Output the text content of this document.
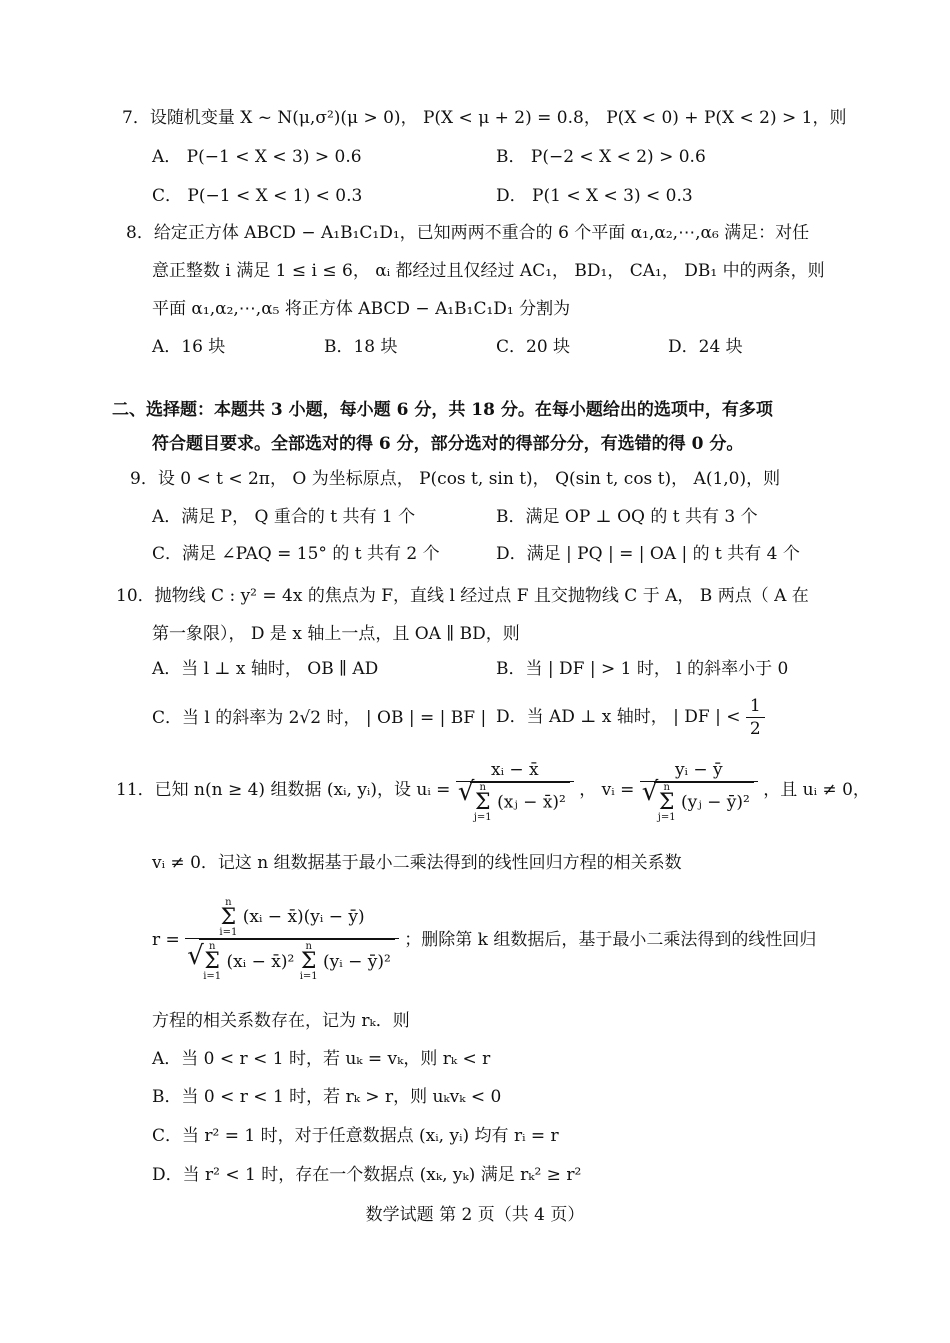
7．设随机变量 X ~ N(μ,σ²)(μ > 0)， P(X < μ + 2) = 0.8， P(X < 0) + P(X < 2) > 1，则
A． P(−1 < X < 3) > 0.6	B． P(−2 < X < 2) > 0.6
C． P(−1 < X < 1) < 0.3	D． P(1 < X < 3) < 0.3
8．给定正方体 ABCD − A₁B₁C₁D₁，已知两两不重合的 6 个平面 α₁,α₂,⋯,α₆ 满足：对任
意正整数 i 满足 1 ≤ i ≤ 6， αᵢ 都经过且仅经过 AC₁， BD₁， CA₁， DB₁ 中的两条，则
平面 α₁,α₂,⋯,α₅ 将正方体 ABCD − A₁B₁C₁D₁ 分割为
A．16 块	B．18 块	C．20 块	D．24 块
二、选择题：本题共 3 小题，每小题 6 分，共 18 分。在每小题给出的选项中，有多项
符合题目要求。全部选对的得 6 分，部分选对的得部分分，有选错的得 0 分。
9．设 0 < t < 2π， O 为坐标原点， P(cos t, sin t)， Q(sin t, cos t)， A(1,0)，则
A．满足 P， Q 重合的 t 共有 1 个	B．满足 OP ⊥ OQ 的 t 共有 3 个
C．满足 ∠PAQ = 15° 的 t 共有 2 个	D．满足 | PQ | = | OA | 的 t 共有 4 个
10．抛物线 C : y² = 4x 的焦点为 F，直线 l 经过点 F 且交抛物线 C 于 A， B 两点（ A 在
第一象限）， D 是 x 轴上一点，且 OA ∥ BD，则
A．当 l ⊥ x 轴时， OB ∥ AD	B．当 | DF | > 1 时， l 的斜率小于 0
C．当 l 的斜率为 2√2 时， | OB | = | BF | D．当 AD ⊥ x 轴时， | DF | < $\frac{1}{2}$
11．已知 n(n ≥ 4) 组数据 (xᵢ, yᵢ)，设 uᵢ = xᵢ − x̄
√ n
Σ
j=1 (xⱼ − x̄)² ， vᵢ = yᵢ − ȳ
√ n
Σ
j=1 (yⱼ − ȳ)² ，且 uᵢ ≠ 0，
vᵢ ≠ 0．记这 n 组数据基于最小二乘法得到的线性回归方程的相关系数
r = n
Σ
i=1 (xᵢ − x̄)(yᵢ − ȳ)
√ n
Σ
i=1 (xᵢ − x̄)² n
Σ
i=1 (yᵢ − ȳ)² ；删除第 k 组数据后，基于最小二乘法得到的线性回归
方程的相关系数存在，记为 rₖ．则
A．当 0 < r < 1 时，若 uₖ = vₖ，则 rₖ < r
B．当 0 < r < 1 时，若 rₖ > r，则 uₖvₖ < 0
C．当 r² = 1 时，对于任意数据点 (xᵢ, yᵢ) 均有 rᵢ = r
D．当 r² < 1 时，存在一个数据点 (xₖ, yₖ) 满足 rₖ² ≥ r²
数学试题 第 2 页（共 4 页）
